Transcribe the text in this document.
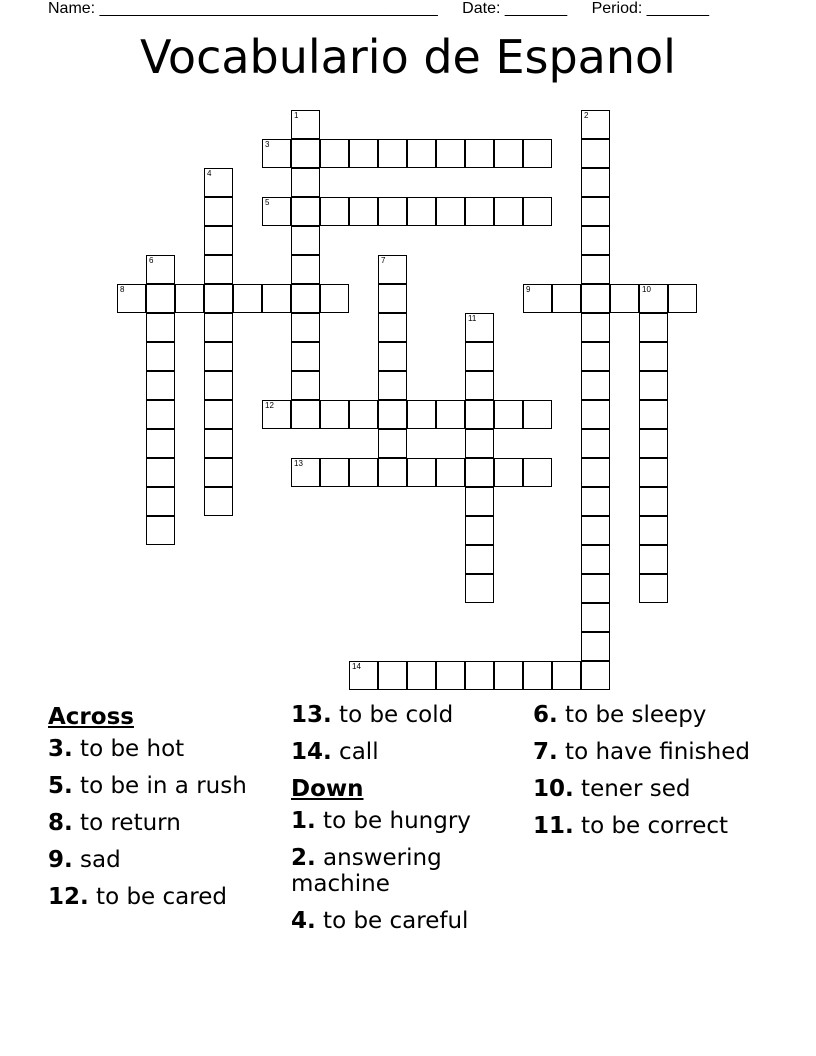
Name: ______________________________________ Date: _______ Period: _______
Vocabulario de Espanol
1	2
3
4
5
6	7
8	9	10
11
12
13
14
Across
3. to be hot
5. to be in a rush
8. to return
9. sad
12. to be cared
13. to be cold
14. call
Down
1. to be hungry
2. answering machine
4. to be careful
6. to be sleepy
7. to have finished
10. tener sed
11. to be correct
